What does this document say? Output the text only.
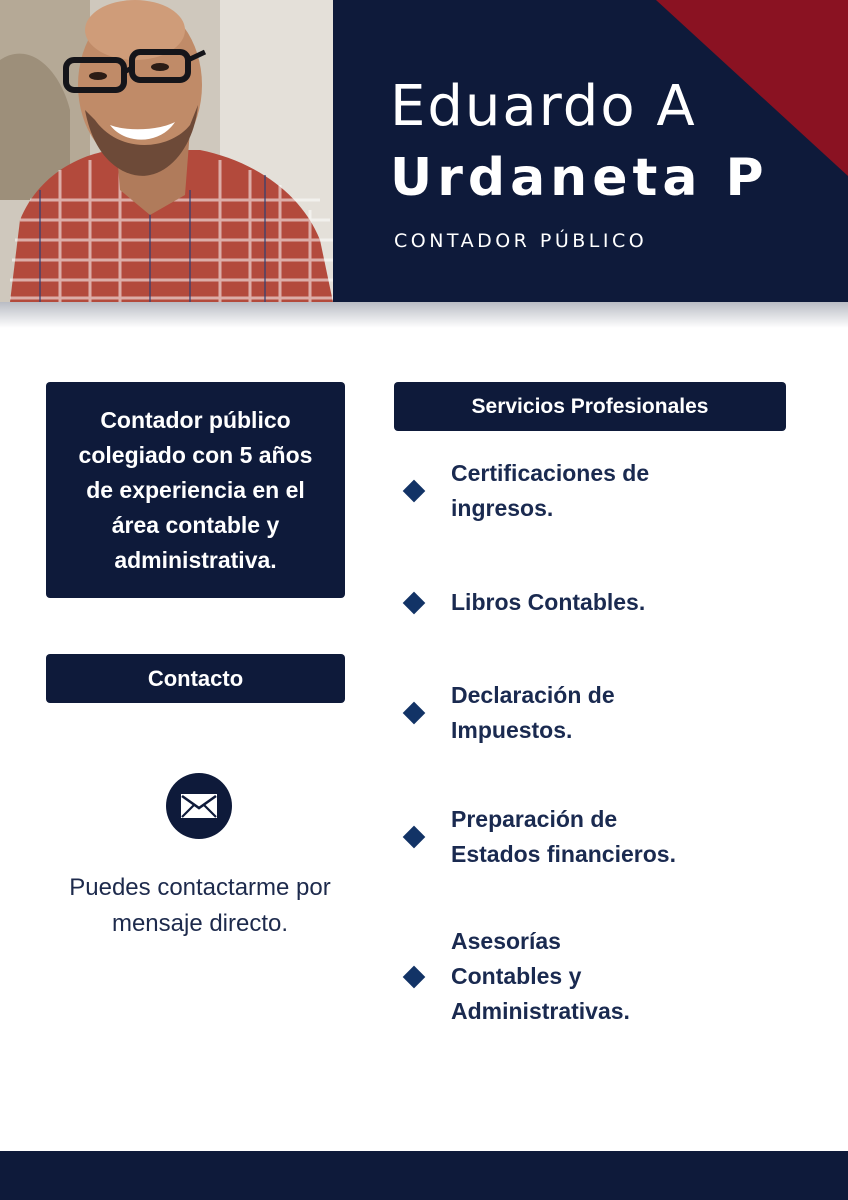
Eduardo A
Urdaneta P
CONTADOR PÚBLICO
Contador público colegiado con 5 años de experiencia en el área contable y administrativa.
Contacto
Puedes contactarme por mensaje directo.
Servicios Profesionales
Certificaciones de ingresos.
Libros Contables.
Declaración de Impuestos.
Preparación de Estados financieros.
Asesorías Contables y Administrativas.
